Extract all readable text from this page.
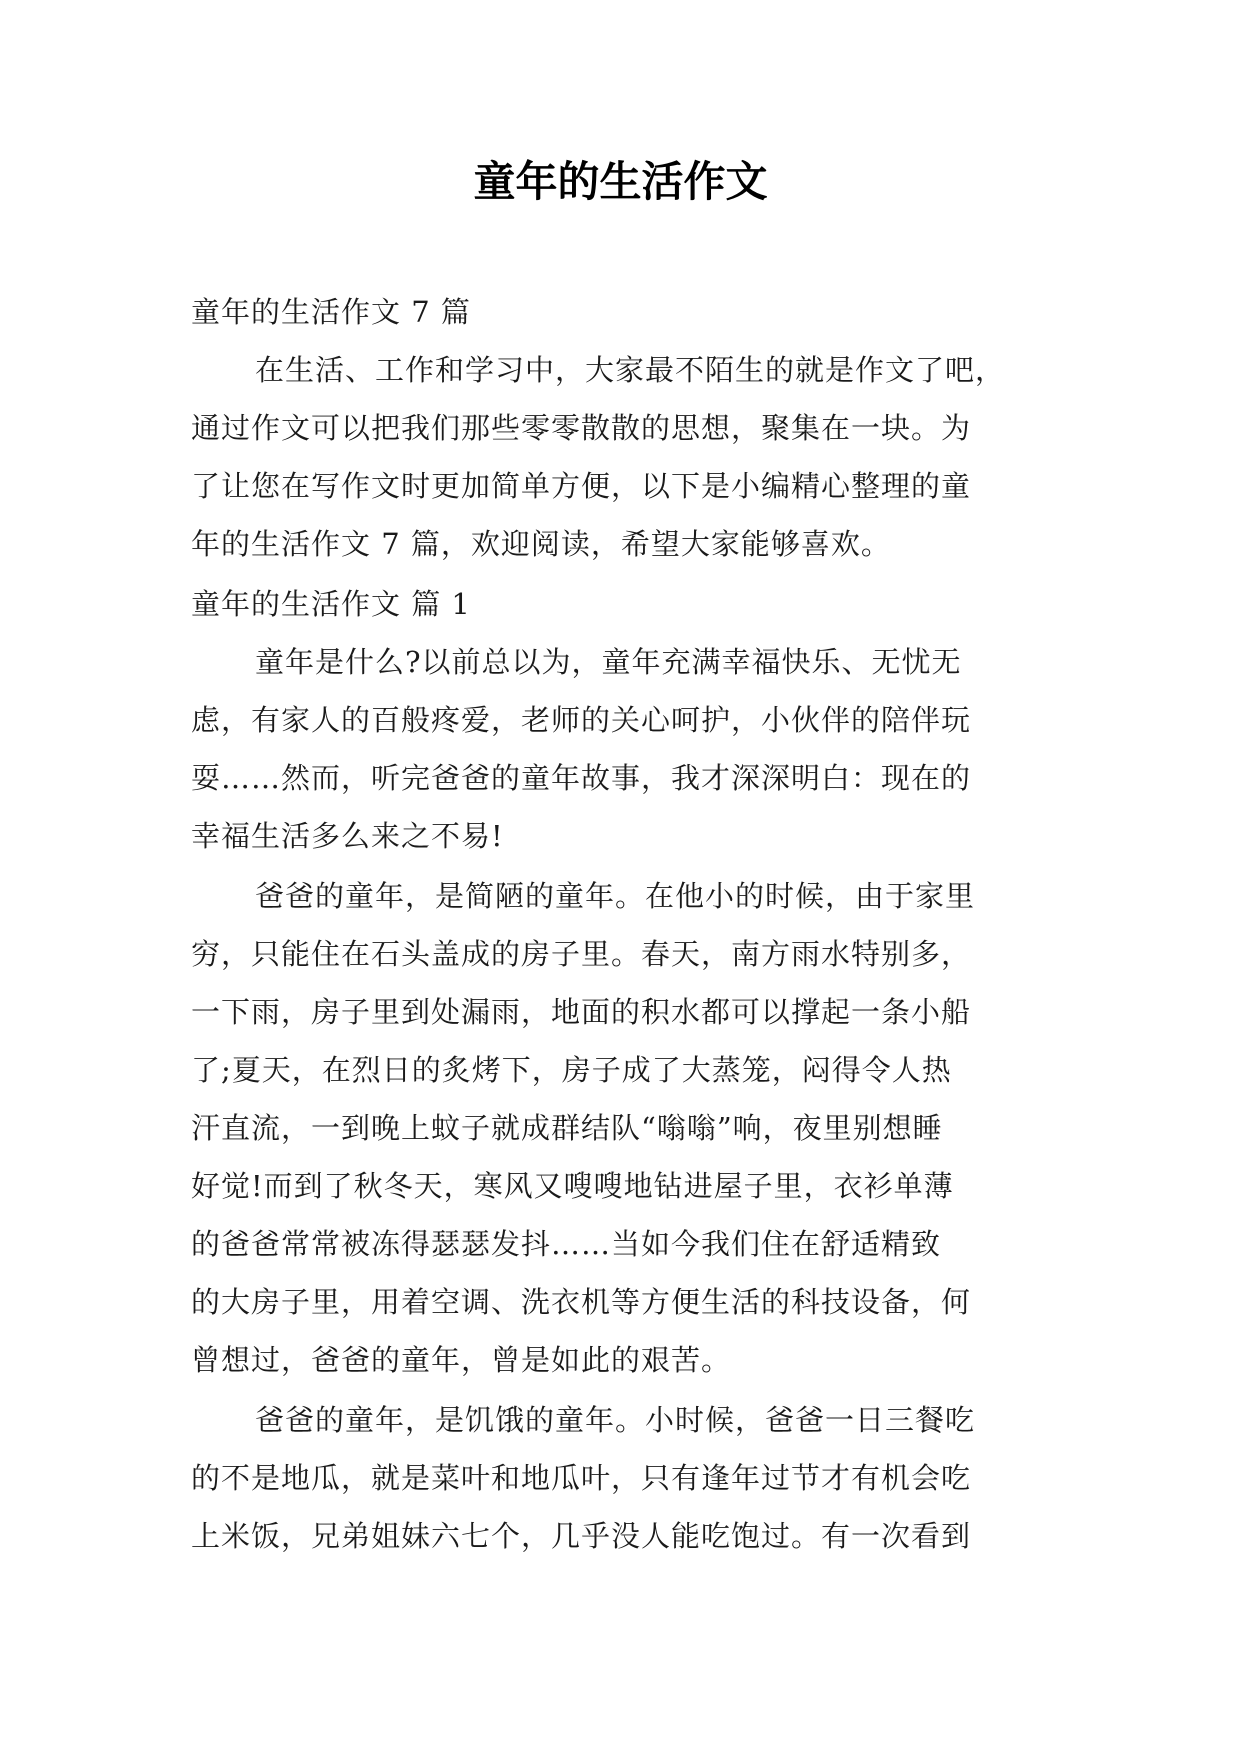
童年的生活作文
童年的生活作文 7 篇
在生活、工作和学习中，大家最不陌生的就是作文了吧，
通过作文可以把我们那些零零散散的思想，聚集在一块。为
了让您在写作文时更加简单方便，以下是小编精心整理的童
年的生活作文 7 篇，欢迎阅读，希望大家能够喜欢。
童年的生活作文 篇 1
童年是什么?以前总以为，童年充满幸福快乐、无忧无
虑，有家人的百般疼爱，老师的关心呵护，小伙伴的陪伴玩
耍……然而，听完爸爸的童年故事，我才深深明白：现在的
幸福生活多么来之不易!
爸爸的童年，是简陋的童年。在他小的时候，由于家里
穷，只能住在石头盖成的房子里。春天，南方雨水特别多，
一下雨，房子里到处漏雨，地面的积水都可以撑起一条小船
了;夏天，在烈日的炙烤下，房子成了大蒸笼，闷得令人热
汗直流，一到晚上蚊子就成群结队“嗡嗡”响，夜里别想睡
好觉!而到了秋冬天，寒风又嗖嗖地钻进屋子里，衣衫单薄
的爸爸常常被冻得瑟瑟发抖……当如今我们住在舒适精致
的大房子里，用着空调、洗衣机等方便生活的科技设备，何
曾想过，爸爸的童年，曾是如此的艰苦。
爸爸的童年，是饥饿的童年。小时候，爸爸一日三餐吃
的不是地瓜，就是菜叶和地瓜叶，只有逢年过节才有机会吃
上米饭，兄弟姐妹六七个，几乎没人能吃饱过。有一次看到
